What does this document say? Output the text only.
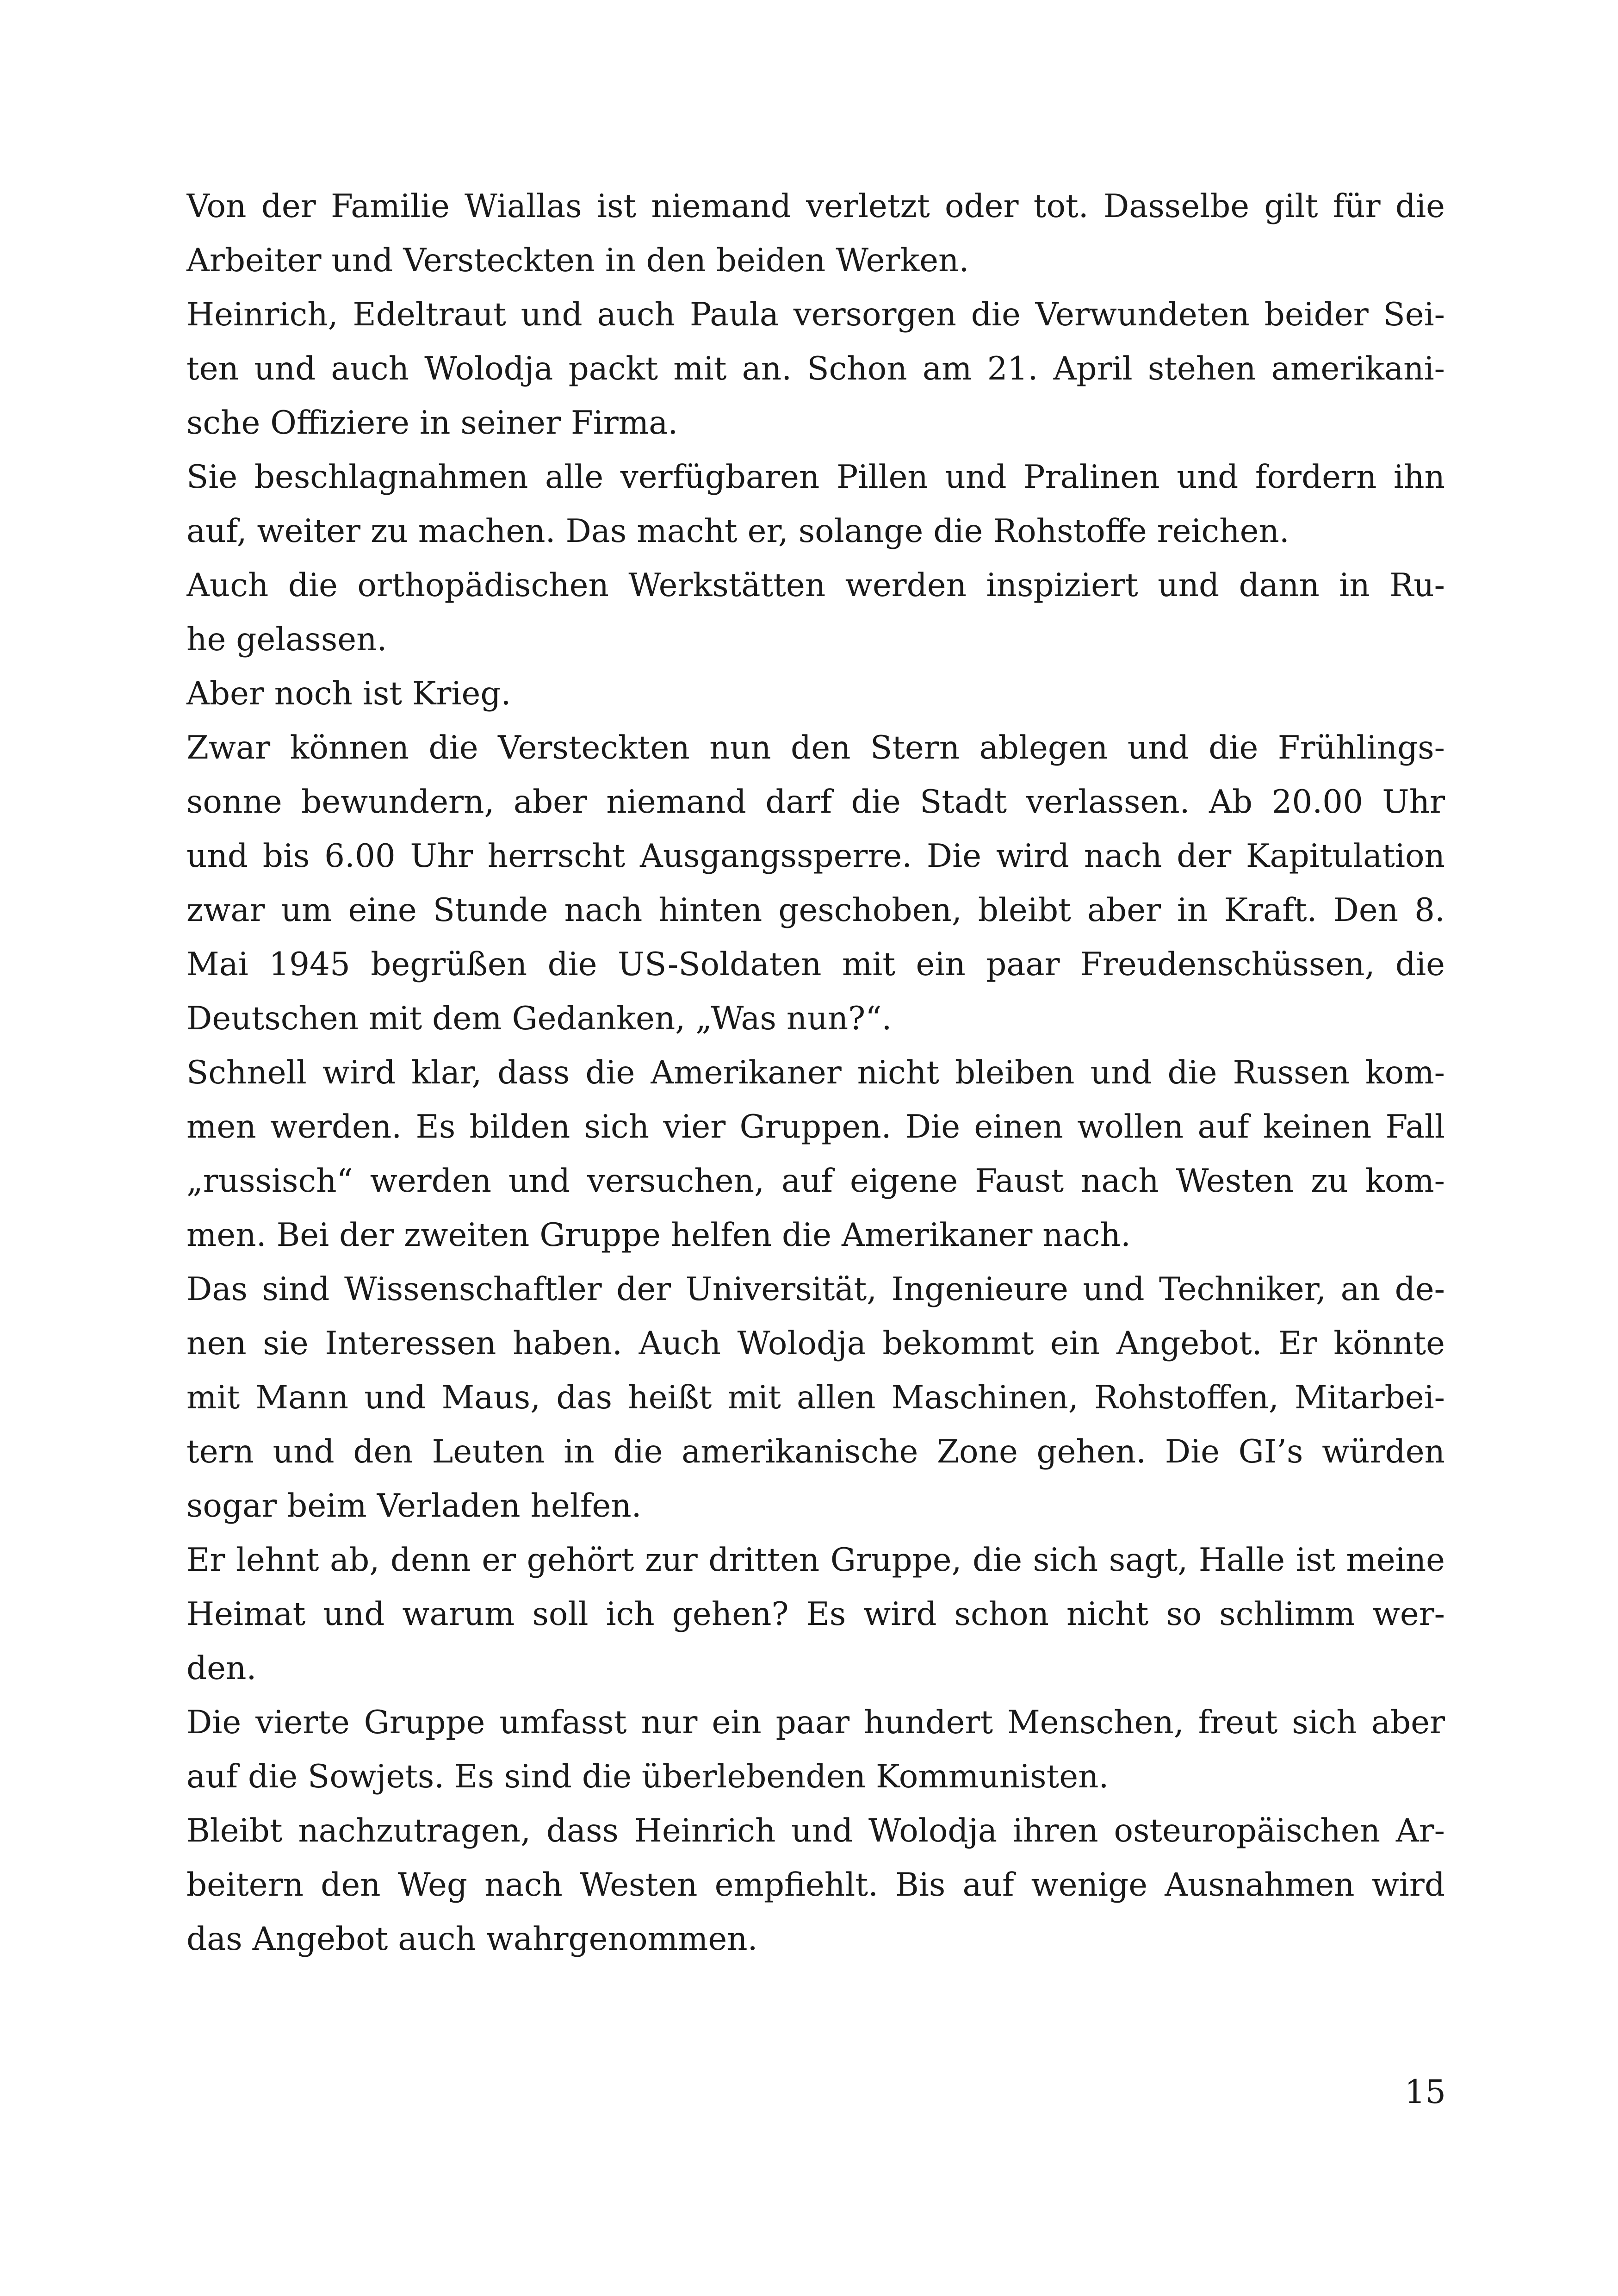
Von der Familie Wiallas ist niemand verletzt oder tot. Dasselbe gilt für die
Arbeiter und Versteckten in den beiden Werken.
Heinrich, Edeltraut und auch Paula versorgen die Verwundeten beider Sei-
ten und auch Wolodja packt mit an. Schon am 21. April stehen amerikani-
sche Offiziere in seiner Firma.
Sie beschlagnahmen alle verfügbaren Pillen und Pralinen und fordern ihn
auf, weiter zu machen. Das macht er, solange die Rohstoffe reichen.
Auch die orthopädischen Werkstätten werden inspiziert und dann in Ru-
he gelassen.
Aber noch ist Krieg.
Zwar können die Versteckten nun den Stern ablegen und die Frühlings-
sonne bewundern, aber niemand darf die Stadt verlassen. Ab 20.00 Uhr
und bis 6.00 Uhr herrscht Ausgangssperre. Die wird nach der Kapitulation
zwar um eine Stunde nach hinten geschoben, bleibt aber in Kraft. Den 8.
Mai 1945 begrüßen die US-Soldaten mit ein paar Freudenschüssen, die
Deutschen mit dem Gedanken, „Was nun?“.
Schnell wird klar, dass die Amerikaner nicht bleiben und die Russen kom-
men werden. Es bilden sich vier Gruppen. Die einen wollen auf keinen Fall
„russisch“ werden und versuchen, auf eigene Faust nach Westen zu kom-
men. Bei der zweiten Gruppe helfen die Amerikaner nach.
Das sind Wissenschaftler der Universität, Ingenieure und Techniker, an de-
nen sie Interessen haben. Auch Wolodja bekommt ein Angebot. Er könnte
mit Mann und Maus, das heißt mit allen Maschinen, Rohstoffen, Mitarbei-
tern und den Leuten in die amerikanische Zone gehen. Die GI’s würden
sogar beim Verladen helfen.
Er lehnt ab, denn er gehört zur dritten Gruppe, die sich sagt, Halle ist meine
Heimat und warum soll ich gehen? Es wird schon nicht so schlimm wer-
den.
Die vierte Gruppe umfasst nur ein paar hundert Menschen, freut sich aber
auf die Sowjets. Es sind die überlebenden Kommunisten.
Bleibt nachzutragen, dass Heinrich und Wolodja ihren osteuropäischen Ar-
beitern den Weg nach Westen empfiehlt. Bis auf wenige Ausnahmen wird
das Angebot auch wahrgenommen.
15
